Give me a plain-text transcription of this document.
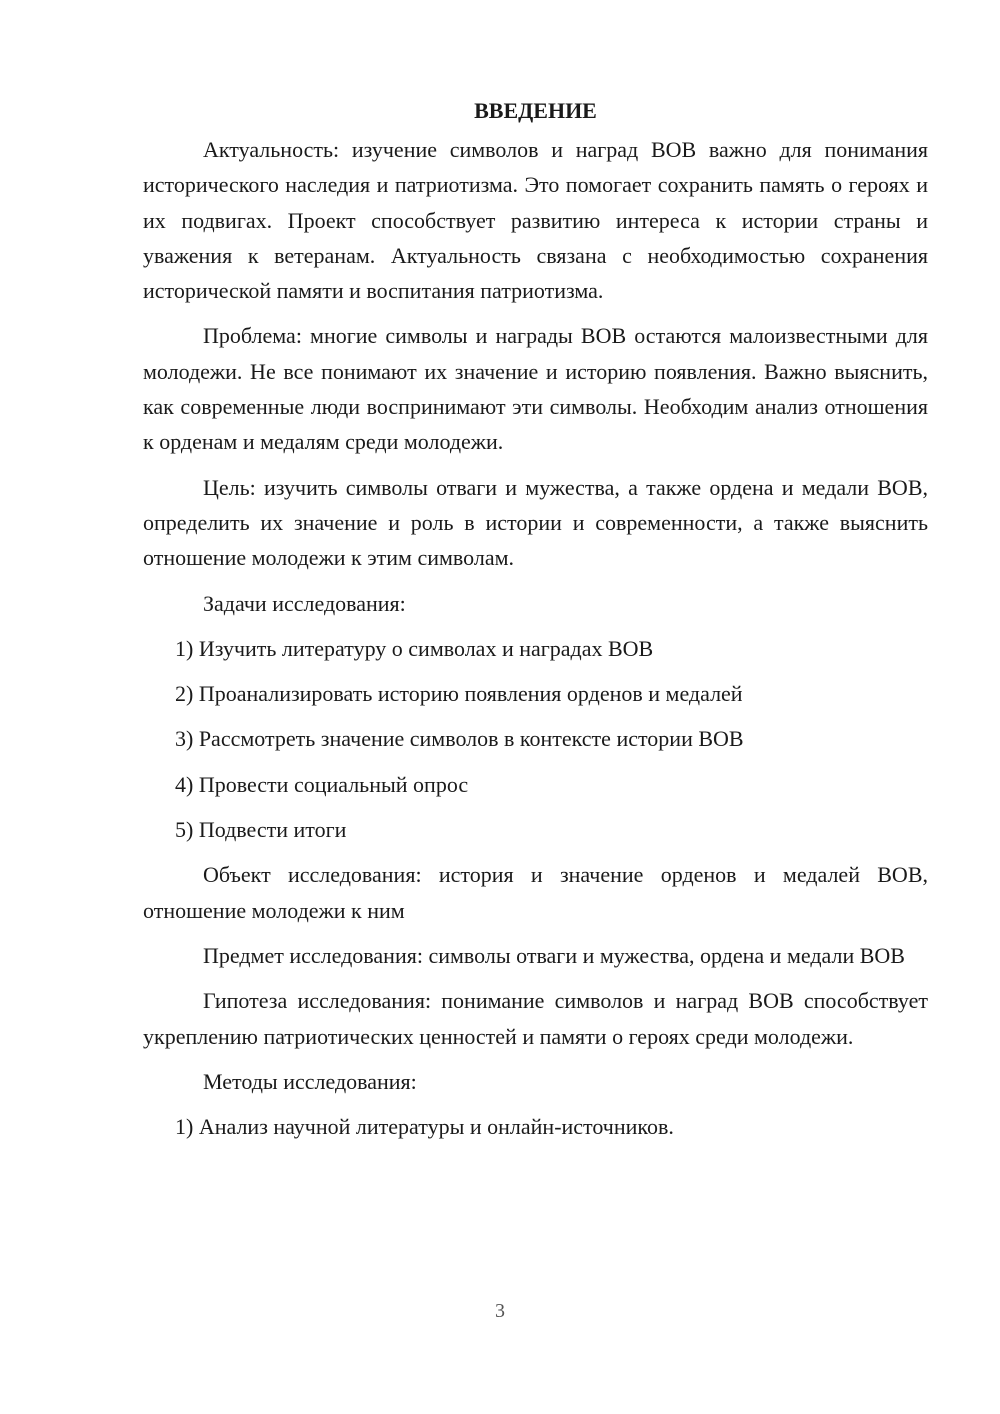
ВВЕДЕНИЕ

Актуальность: изучение символов и наград ВОВ важно для понимания исторического наследия и патриотизма. Это помогает сохранить память о героях и их подвигах. Проект способствует развитию интереса к истории страны и уважения к ветеранам. Актуальность связана с необходимостью сохранения исторической памяти и воспитания патриотизма.

Проблема: многие символы и награды ВОВ остаются малоизвестными для молодежи. Не все понимают их значение и историю появления. Важно выяснить, как современные люди воспринимают эти символы. Необходим анализ отношения к орденам и медалям среди молодежи.

Цель: изучить символы отваги и мужества, а также ордена и медали ВОВ, определить их значение и роль в истории и современности, а также выяснить отношение молодежи к этим символам.

Задачи исследования:
1) Изучить литературу о символах и наградах ВОВ
2) Проанализировать историю появления орденов и медалей
3) Рассмотреть значение символов в контексте истории ВОВ
4) Провести социальный опрос
5) Подвести итоги

Объект исследования: история и значение орденов и медалей ВОВ, отношение молодежи к ним

Предмет исследования: символы отваги и мужества, ордена и медали ВОВ

Гипотеза исследования: понимание символов и наград ВОВ способствует укреплению патриотических ценностей и памяти о героях среди молодежи.

Методы исследования:
1) Анализ научной литературы и онлайн-источников.
3
